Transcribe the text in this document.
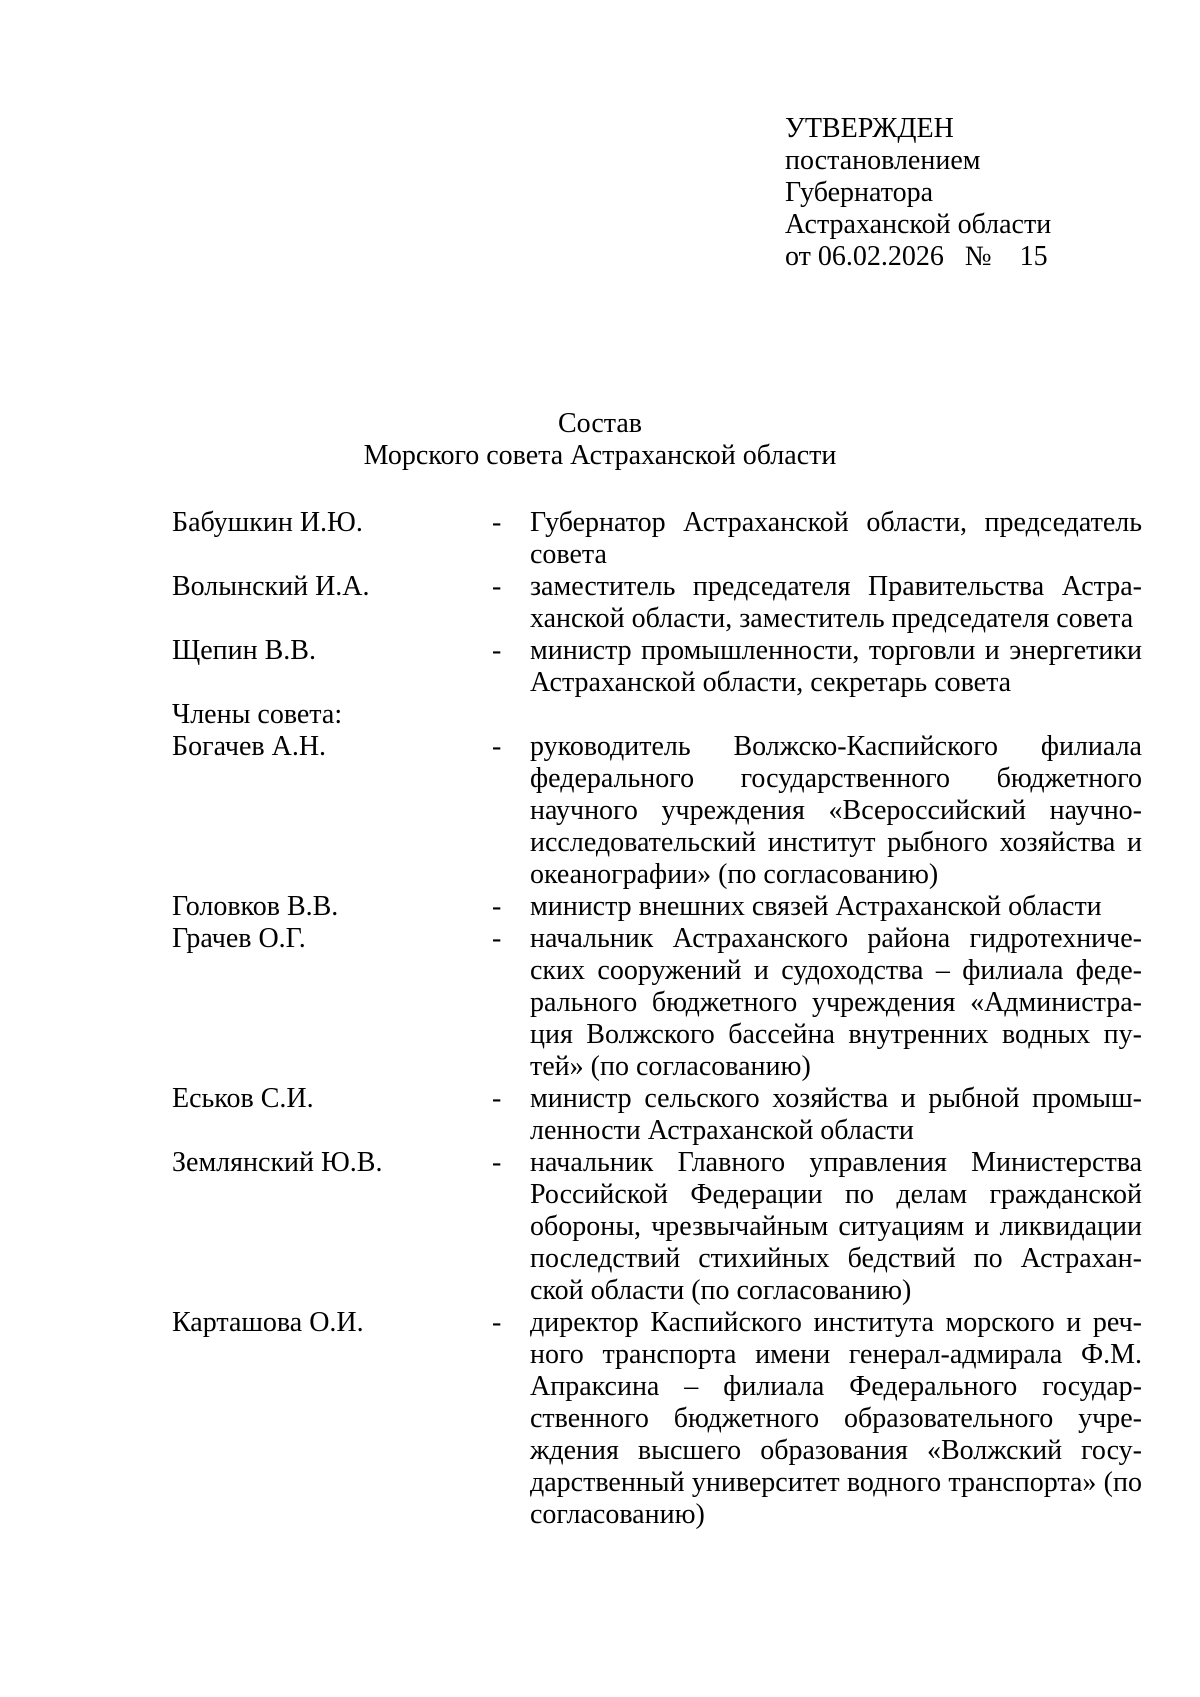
УТВЕРЖДЕН
постановлением
Губернатора
Астраханской области
от 06.02.2026   №    15
Состав
Морского совета Астраханской области
Бабушкин И.Ю.	-	Губернатор Астраханской области, председатель совета
Волынский И.А.	-	заместитель председателя Правительства Астраханской области, заместитель председателя совета
Щепин В.В.	-	министр промышленности, торговли и энергетики Астраханской области, секретарь совета
Члены совета:
Богачев А.Н.	-	руководитель Волжско-Каспийского филиала федерального государственного бюджетного научного учреждения «Всероссийский научно-исследовательский институт рыбного хозяйства и океанографии» (по согласованию)
Головков В.В.	-	министр внешних связей Астраханской области
Грачев О.Г.	-	начальник Астраханского района гидротехнических сооружений и судоходства – филиала федерального бюджетного учреждения «Администрация Волжского бассейна внутренних водных путей» (по согласованию)
Еськов С.И.	-	министр сельского хозяйства и рыбной промышленности Астраханской области
Землянский Ю.В.	-	начальник Главного управления Министерства Российской Федерации по делам гражданской обороны, чрезвычайным ситуациям и ликвидации последствий стихийных бедствий по Астраханской области (по согласованию)
Карташова О.И.	-	директор Каспийского института морского и речного транспорта имени генерал-адмирала Ф.М. Апраксина – филиала Федерального государственного бюджетного образовательного учреждения высшего образования «Волжский государственный университет водного транспорта» (по согласованию)
